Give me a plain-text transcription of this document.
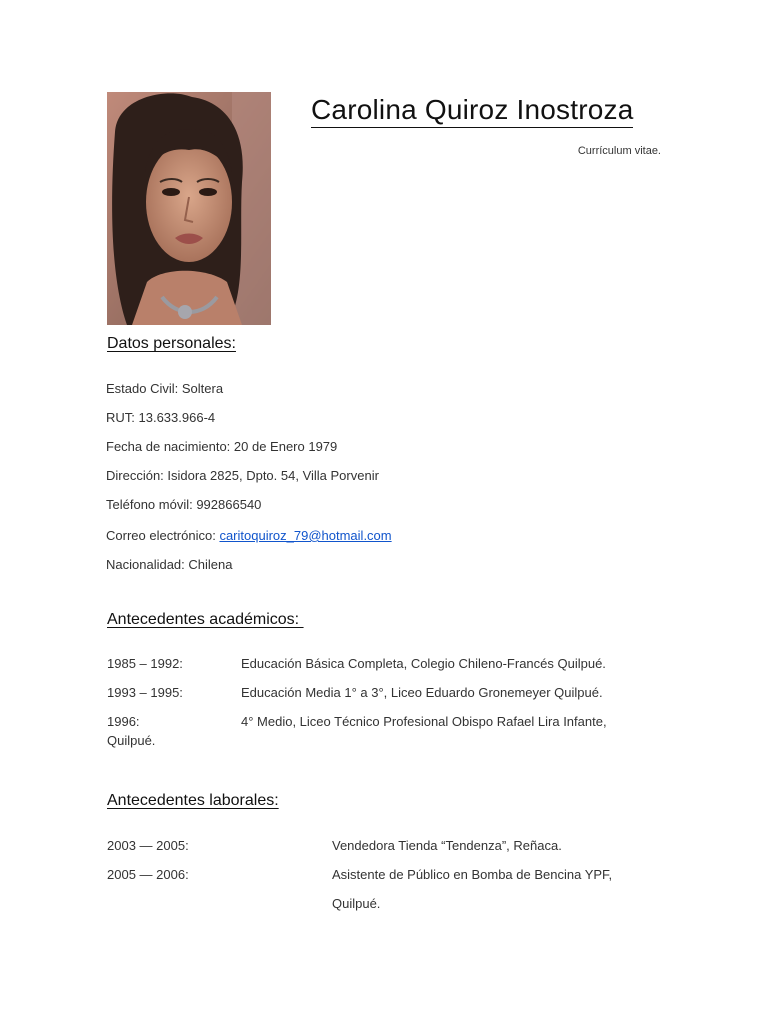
Carolina Quiroz Inostroza
Currículum vitae.
Datos personales:
Estado Civil: Soltera
RUT: 13.633.966-4
Fecha de nacimiento: 20 de Enero 1979
Dirección: Isidora 2825, Dpto. 54, Villa Porvenir
Teléfono móvil: 992866540
Correo electrónico: caritoquiroz_79@hotmail.com
Nacionalidad: Chilena
Antecedentes académicos:
1985 – 1992:	Educación Básica Completa, Colegio Chileno-Francés Quilpué.
1993 – 1995:	Educación Media 1° a 3°, Liceo Eduardo Gronemeyer Quilpué.
1996:	4° Medio, Liceo Técnico Profesional Obispo Rafael Lira Infante,
Quilpué.
Antecedentes laborales:
2003 — 2005:	Vendedora Tienda “Tendenza”, Reñaca.
2005 — 2006:	Asistente de Público en Bomba de Bencina YPF,
Quilpué.
